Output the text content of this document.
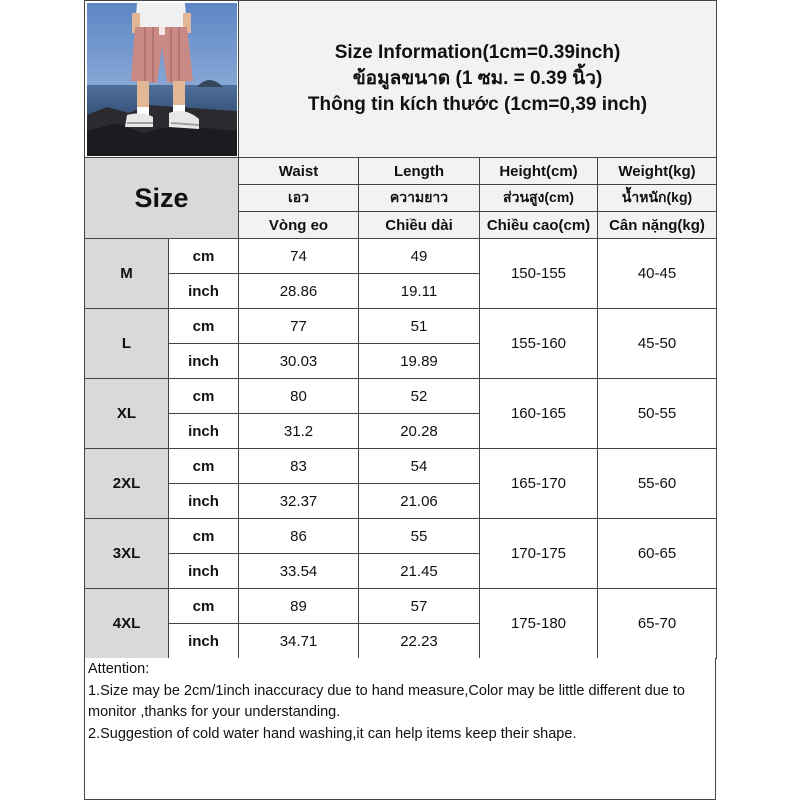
Size Information(1cm=0.39inch)
ข้อมูลขนาด (1 ซม. = 0.39 นิ้ว)
Thông tin kích thước (1cm=0,39 inch)			

Size		Waist	Length	Height(cm)	Weight(kg)
		เอว	ความยาว	ส่วนสูง(cm)	น้ำหนัก(kg)
		Vòng eo	Chiều dài	Chiều cao(cm)	Cân nặng(kg)
M	cm	74	49	150-155	40-45
	inch	28.86	19.11		
L	cm	77	51	155-160	45-50
	inch	30.03	19.89		
XL	cm	80	52	160-165	50-55
	inch	31.2	20.28		
2XL	cm	83	54	165-170	55-60
	inch	32.37	21.06		
3XL	cm	86	55	170-175	60-65
	inch	33.54	21.45		
4XL	cm	89	57	175-180	65-70
	inch	34.71	22.23		
Attention:
1.Size may be 2cm/1inch inaccuracy due to hand measure,Color may be little different due to monitor ,thanks for your understanding.
2.Suggestion of cold water hand washing,it can help items keep their shape.
